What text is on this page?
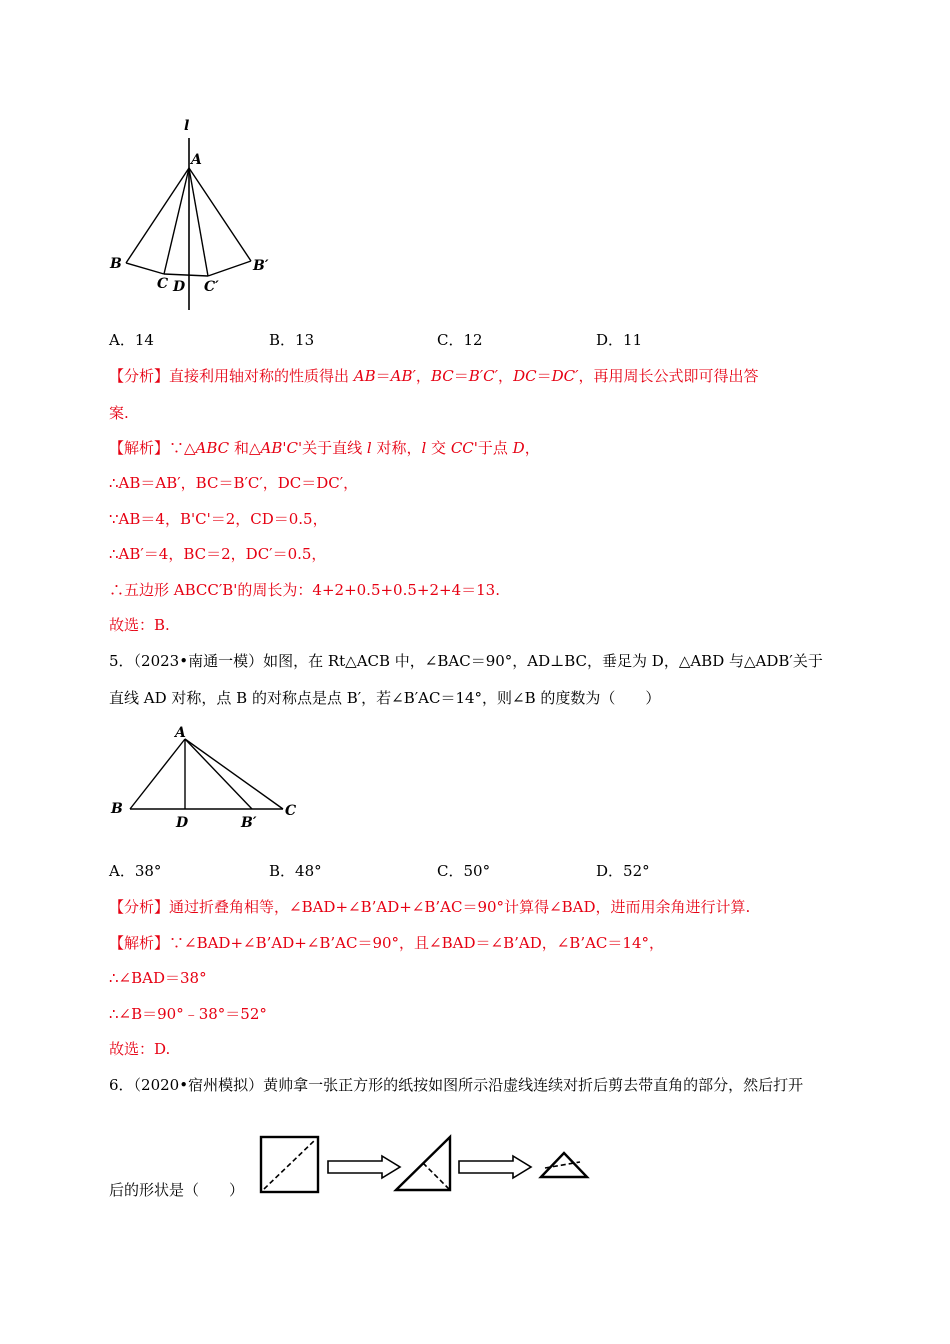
l
A
B	B′
C D C′
A．14	B．13	C．12	D．11
【分析】直接利用轴对称的性质得出 AB＝AB′，BC＝B′C′，DC＝DC′，再用周长公式即可得出答
案.
【解析】∵△ABC 和△AB'C'关于直线 l 对称，l 交 CC'于点 D，
∴AB＝AB′，BC＝B′C′，DC＝DC′，
∵AB＝4，B'C'＝2，CD＝0.5，
∴AB′＝4，BC＝2，DC′＝0.5，
∴五边形 ABCC′B'的周长为：4+2+0.5+0.5+2+4＝13.
故选：B.
5．（2023•南通一模）如图，在 Rt△ACB 中，∠BAC＝90°，AD⊥BC，垂足为 D，△ABD 与△ADB′关于
直线 AD 对称，点 B 的对称点是点 B′，若∠B′AC＝14°，则∠B 的度数为（　　）
A
B
D	B′
C
A．38°	B．48°	C．50°	D．52°
【分析】通过折叠角相等，∠BAD+∠B’AD+∠B’AC＝90°计算得∠BAD，进而用余角进行计算.
【解析】∵∠BAD+∠B’AD+∠B’AC＝90°，且∠BAD＝∠B’AD，∠B’AC＝14°，
∴∠BAD＝38°
∴∠B＝90°﹣38°＝52°
故选：D.
6．（2020•宿州模拟）黄帅拿一张正方形的纸按如图所示沿虚线连续对折后剪去带直角的部分，然后打开
后的形状是（　　）
